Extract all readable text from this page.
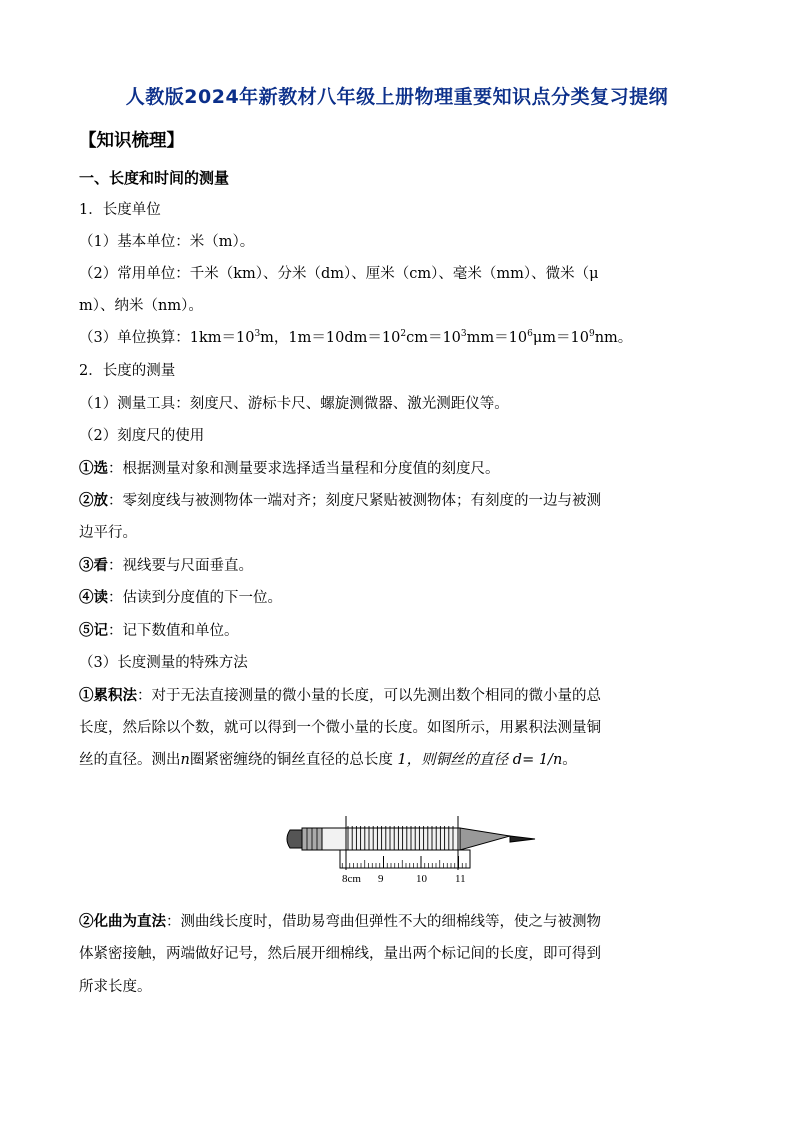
人教版2024年新教材八年级上册物理重要知识点分类复习提纲
【知识梳理】
一、长度和时间的测量
1．长度单位
（1）基本单位：米（m）。
（2）常用单位：千米（km）、分米（dm）、厘米（cm）、毫米（mm）、微米（μ
m）、纳米（nm）。
（3）单位换算：$1km=10^3m$，$1m=10dm=10^2cm=10^3mm=10^6\mu m=10^9nm$。
2．长度的测量
（1）测量工具：刻度尺、游标卡尺、螺旋测微器、激光测距仪等。
（2）刻度尺的使用
①选：根据测量对象和测量要求选择适当量程和分度值的刻度尺。
②放：零刻度线与被测物体一端对齐；刻度尺紧贴被测物体；有刻度的一边与被测
边平行。
③看：视线要与尺面垂直。
④读：估读到分度值的下一位。
⑤记：记下数值和单位。
（3）长度测量的特殊方法
①累积法：对于无法直接测量的微小量的长度，可以先测出数个相同的微小量的总
长度，然后除以个数，就可以得到一个微小量的长度。如图所示，用累积法测量铜
丝的直径。测出n圈紧密缠绕的铜丝直径的总长度 1，则铜丝的直径 d= 1/n。
8cm 9	10	11
②化曲为直法：测曲线长度时，借助易弯曲但弹性不大的细棉线等，使之与被测物
体紧密接触，两端做好记号，然后展开细棉线，量出两个标记间的长度，即可得到
所求长度。
